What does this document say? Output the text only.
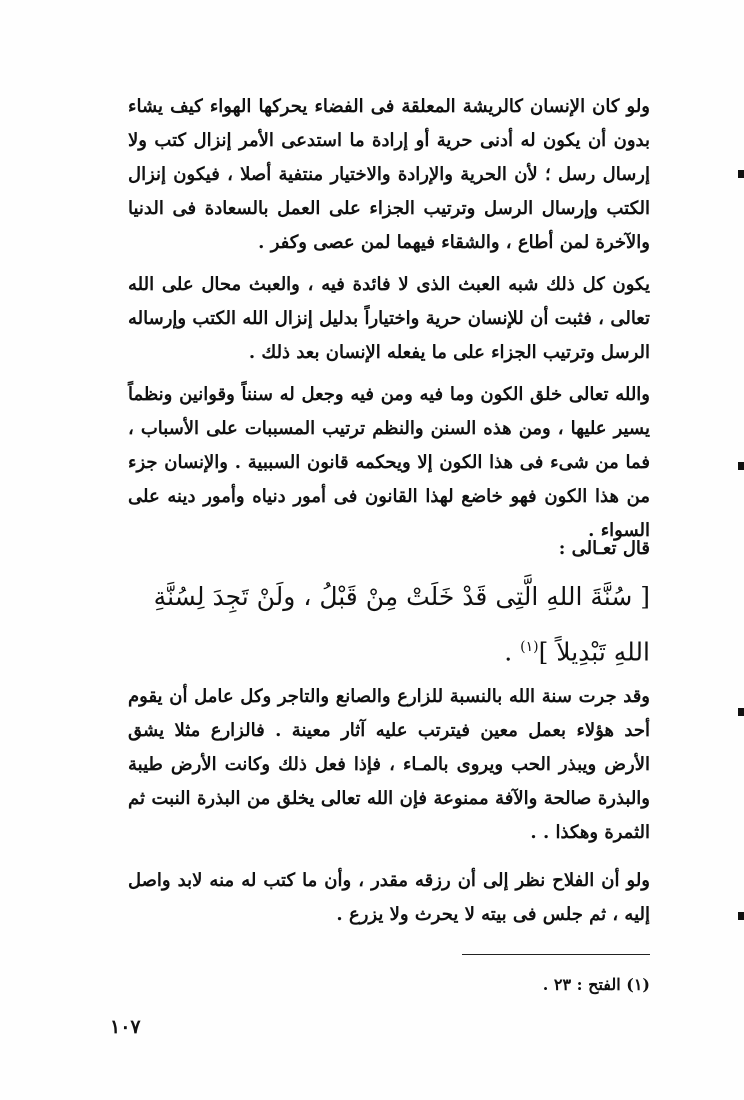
ولو كان الإنسان كالريشة المعلقة فى الفضاء يحركها الهواء كيف يشاء بدون أن يكون له أدنى حرية أو إرادة ما استدعى الأمر إنزال كتب ولا إرسال رسل ؛ لأن الحرية والإرادة والاختيار منتفية أصلا ، فيكون إنزال الكتب وإرسال الرسل وترتيب الجزاء على العمل بالسعادة فى الدنيا والآخرة لمن أطاع ، والشقاء فيهما لمن عصى وكفر .

يكون كل ذلك شبه العبث الذى لا فائدة فيه ، والعبث محال على الله تعالى ، فثبت أن للإنسان حرية واختياراً بدليل إنزال الله الكتب وإرساله الرسل وترتيب الجزاء على ما يفعله الإنسان بعد ذلك .

والله تعالى خلق الكون وما فيه ومن فيه وجعل له سنناً وقوانين ونظماً يسير عليها ، ومن هذه السنن والنظم ترتيب المسببات على الأسباب ، فما من شىء فى هذا الكون إلا ويحكمه قانون السببية . والإنسان جزء من هذا الكون فهو خاضع لهذا القانون فى أمور دنياه وأمور دينه على السواء .

قال تعـالى :

[ سُنَّةَ اللهِ الَّتِى قَدْ خَلَتْ مِنْ قَبْلُ ، ولَنْ تَجِدَ لِسُنَّةِ اللهِ تَبْدِيلاً ]$^{(١)}$ .

وقد جرت سنة الله بالنسبة للزارع والصانع والتاجر وكل عامل أن يقوم أحد هؤلاء بعمل معين فيترتب عليه آثار معينة . فالزارع مثلا يشق الأرض ويبذر الحب ويروى بالمـاء ، فإذا فعل ذلك وكانت الأرض طيبة والبذرة صالحة والآفة ممنوعة فإن الله تعالى يخلق من البذرة النبت ثم الثمرة وهكذا . .

ولو أن الفلاح نظر إلى أن رزقه مقدر ، وأن ما كتب له منه لابد واصل إليه ، ثم جلس فى بيته لا يحرث ولا يزرع .

(١) الفتح : ٢٣ .

١٠٧
